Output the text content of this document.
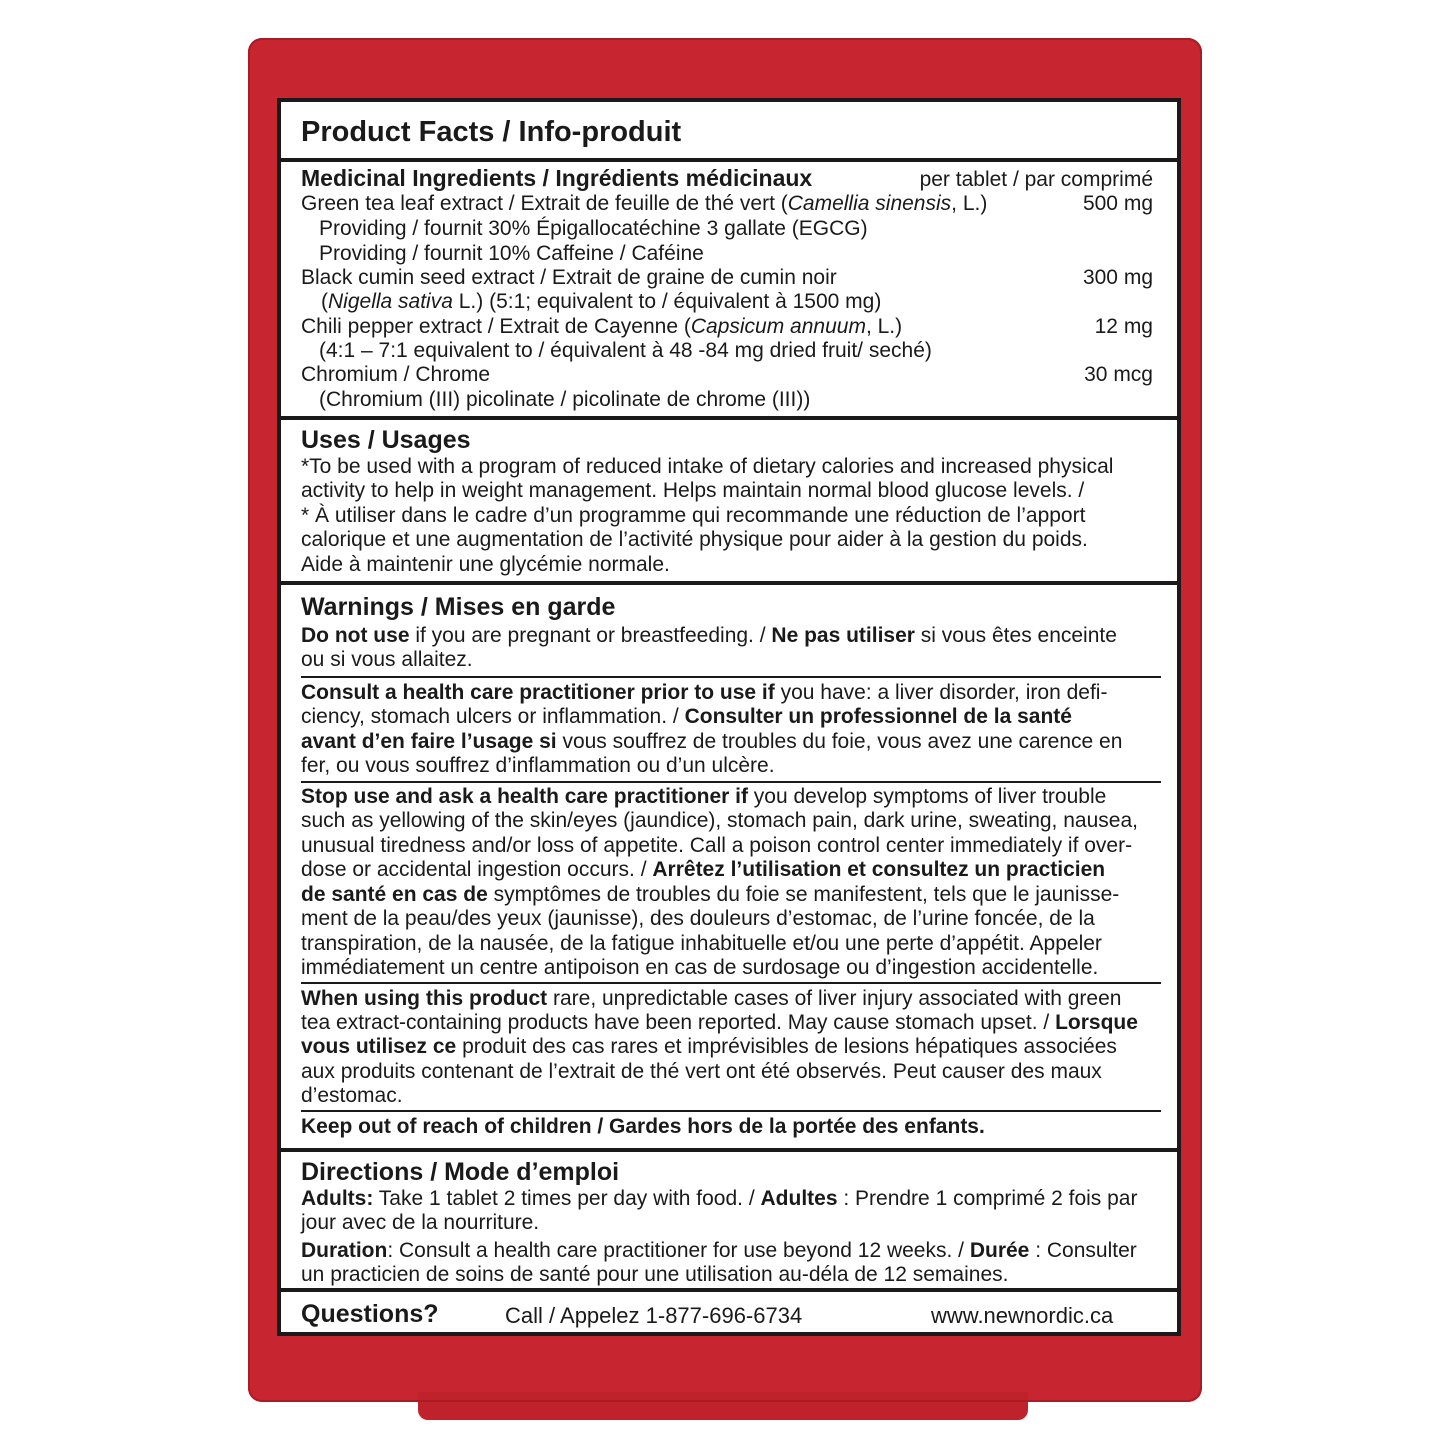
Product Facts / Info-produit
Medicinal Ingredients / Ingrédients médicinaux	per tablet / par comprimé
Green tea leaf extract / Extrait de feuille de thé vert (Camellia sinensis, L.)	500 mg
Providing / fournit 30% Épigallocatéchine 3 gallate (EGCG)
Providing / fournit 10% Caffeine / Caféine
Black cumin seed extract / Extrait de graine de cumin noir	300 mg
(Nigella sativa L.) (5:1; equivalent to / équivalent à 1500 mg)
Chili pepper extract / Extrait de Cayenne (Capsicum annuum, L.)	12 mg
(4:1 – 7:1 equivalent to / équivalent à 48 -84 mg dried fruit/ seché)
Chromium / Chrome	30 mcg
(Chromium (III) picolinate / picolinate de chrome (III))
Uses / Usages
*To be used with a program of reduced intake of dietary calories and increased physical
activity to help in weight management. Helps maintain normal blood glucose levels. /
* À utiliser dans le cadre d’un programme qui recommande une réduction de l’apport
calorique et une augmentation de l’activité physique pour aider à la gestion du poids.
Aide à maintenir une glycémie normale.
Warnings / Mises en garde
Do not use if you are pregnant or breastfeeding. / Ne pas utiliser si vous êtes enceinte
ou si vous allaitez.
Consult a health care practitioner prior to use if you have: a liver disorder, iron defi-
ciency, stomach ulcers or inflammation. / Consulter un professionnel de la santé
avant d’en faire l’usage si vous souffrez de troubles du foie, vous avez une carence en
fer, ou vous souffrez d’inflammation ou d’un ulcère.
Stop use and ask a health care practitioner if you develop symptoms of liver trouble
such as yellowing of the skin/eyes (jaundice), stomach pain, dark urine, sweating, nausea,
unusual tiredness and/or loss of appetite. Call a poison control center immediately if over-
dose or accidental ingestion occurs. / Arrêtez l’utilisation et consultez un practicien
de santé en cas de symptômes de troubles du foie se manifestent, tels que le jaunisse-
ment de la peau/des yeux (jaunisse), des douleurs d’estomac, de l’urine foncée, de la
transpiration, de la nausée, de la fatigue inhabituelle et/ou une perte d’appétit. Appeler
immédiatement un centre antipoison en cas de surdosage ou d’ingestion accidentelle.
When using this product rare, unpredictable cases of liver injury associated with green
tea extract-containing products have been reported. May cause stomach upset. / Lorsque
vous utilisez ce produit des cas rares et imprévisibles de lesions hépatiques associées
aux produits contenant de l’extrait de thé vert ont été observés. Peut causer des maux
d’estomac.
Keep out of reach of children / Gardes hors de la portée des enfants.
Directions / Mode d’emploi
Adults: Take 1 tablet 2 times per day with food. / Adultes : Prendre 1 comprimé 2 fois par
jour avec de la nourriture.
Duration: Consult a health care practitioner for use beyond 12 weeks. / Durée : Consulter
un practicien de soins de santé pour une utilisation au-déla de 12 semaines.
Questions?	Call / Appelez 1-877-696-6734	www.newnordic.ca
